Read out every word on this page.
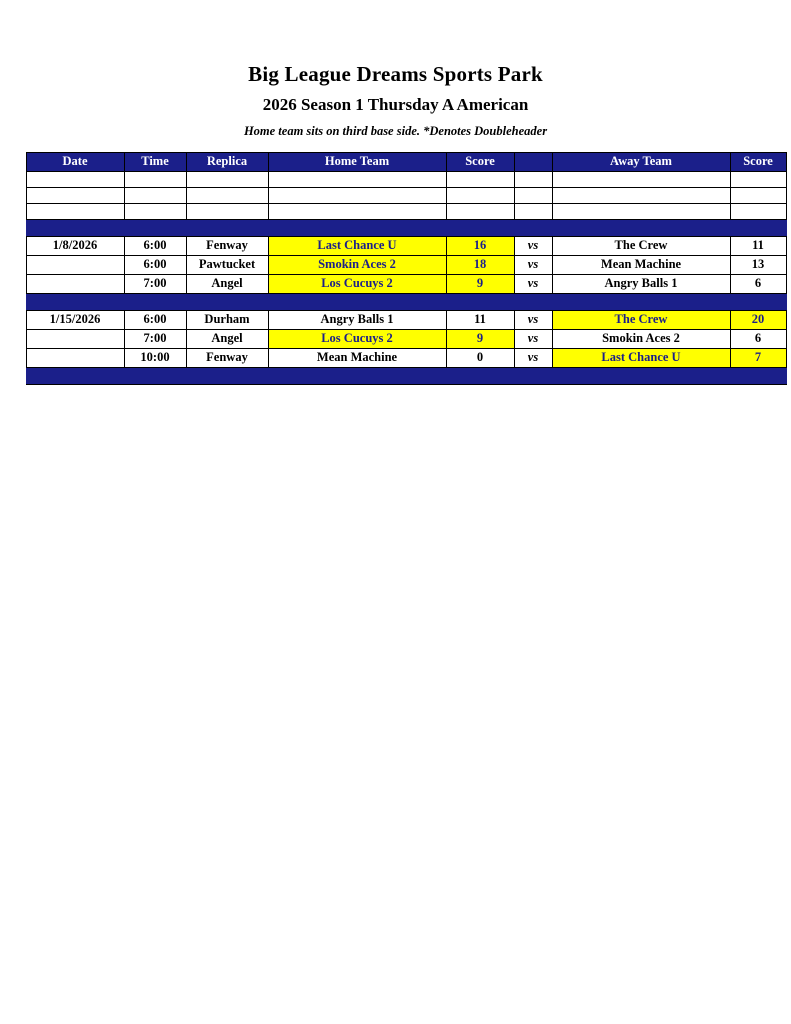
Big League Dreams Sports Park
2026 Season 1 Thursday A American
Home team sits on third base side. *Denotes Doubleheader
Date	Time	Replica	Home Team	Score		Away Team	Score

1/8/2026	6:00	Fenway	Last Chance U	16	vs	The Crew	11
	6:00	Pawtucket	Smokin Aces 2	18	vs	Mean Machine	13
	7:00	Angel	Los Cucuys 2	9	vs	Angry Balls 1	6

1/15/2026	6:00	Durham	Angry Balls 1	11	vs	The Crew	20
	7:00	Angel	Los Cucuys 2	9	vs	Smokin Aces 2	6
	10:00	Fenway	Mean Machine	0	vs	Last Chance U	7
